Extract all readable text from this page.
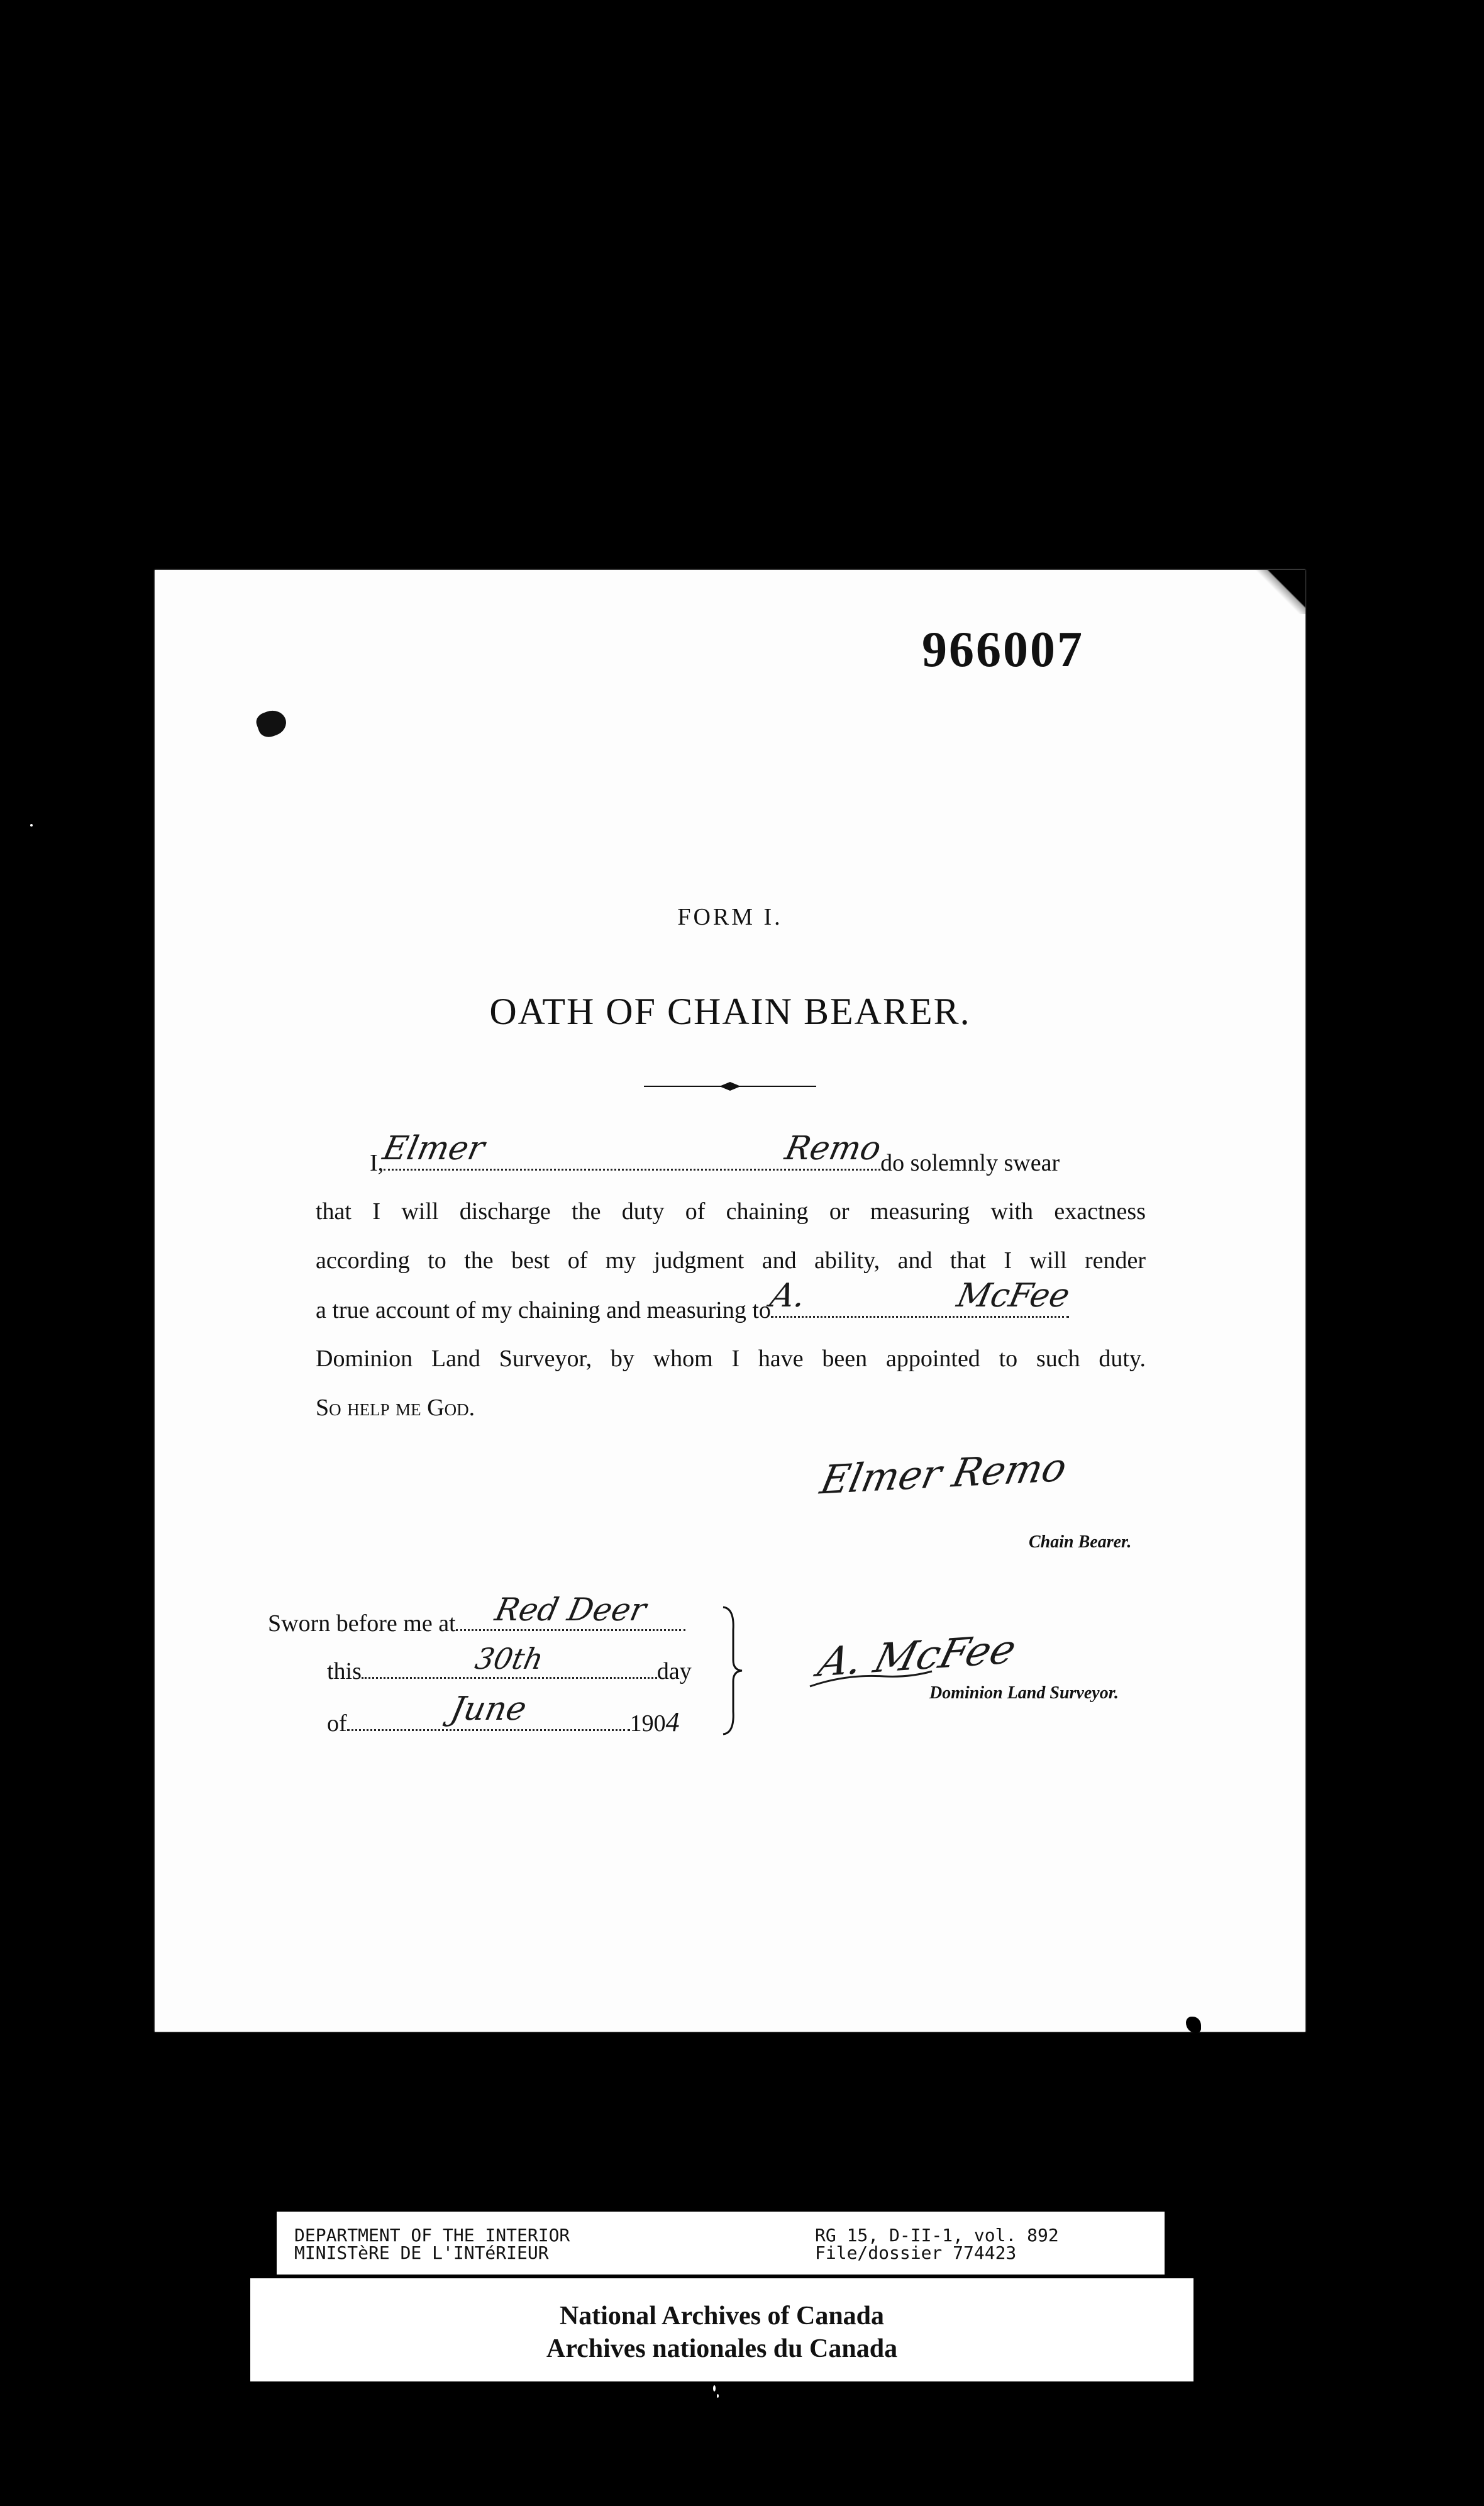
966007
FORM I.
OATH OF CHAIN BEARER.
I,
Elmer Remo
do solemnly swear
that I will discharge the duty of chaining or measuring with exactness
according to the best of my judgment and ability, and that I will render
a true account of my chaining and measuring to
A. McFee
Dominion Land Surveyor, by whom I have been appointed to such duty.
So help me God.
Elmer Remo
Chain Bearer.
Sworn before me at	Red Deer
this	30th	day
of	June	1904
A. McFee
Dominion Land Surveyor.
DEPARTMENT OF THE INTERIOR
MINISTèRE DE L'INTéRIEUR
RG 15, D-II-1, vol. 892
File/dossier 774423
National Archives of Canada
Archives nationales du Canada
